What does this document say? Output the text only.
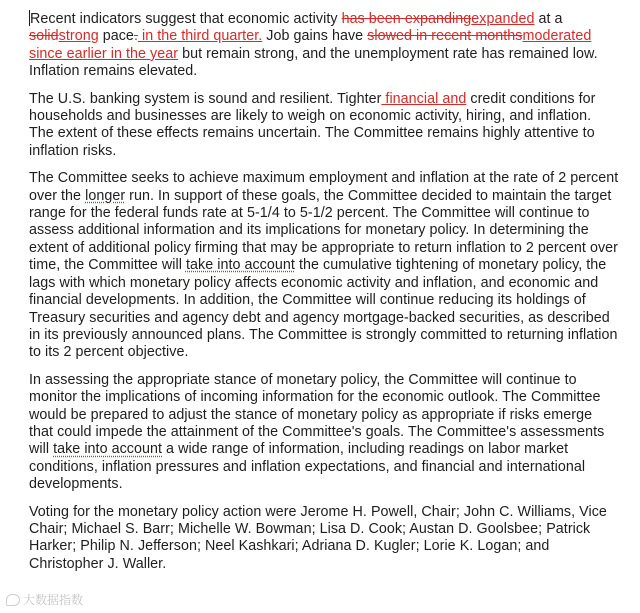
Recent indicators suggest that economic activity has been expandingexpanded at a solidstrong pace. in the third quarter. Job gains have slowed in recent monthsmoderated since earlier in the year but remain strong, and the unemployment rate has remained low. Inflation remains elevated.

The U.S. banking system is sound and resilient. Tighter financial and credit conditions for households and businesses are likely to weigh on economic activity, hiring, and inflation. The extent of these effects remains uncertain. The Committee remains highly attentive to inflation risks.

The Committee seeks to achieve maximum employment and inflation at the rate of 2 percent over the longer run. In support of these goals, the Committee decided to maintain the target range for the federal funds rate at 5-1/4 to 5-1/2 percent. The Committee will continue to assess additional information and its implications for monetary policy. In determining the extent of additional policy firming that may be appropriate to return inflation to 2 percent over time, the Committee will take into account the cumulative tightening of monetary policy, the lags with which monetary policy affects economic activity and inflation, and economic and financial developments. In addition, the Committee will continue reducing its holdings of Treasury securities and agency debt and agency mortgage-backed securities, as described in its previously announced plans. The Committee is strongly committed to returning inflation to its 2 percent objective.

In assessing the appropriate stance of monetary policy, the Committee will continue to monitor the implications of incoming information for the economic outlook. The Committee would be prepared to adjust the stance of monetary policy as appropriate if risks emerge that could impede the attainment of the Committee's goals. The Committee's assessments will take into account a wide range of information, including readings on labor market conditions, inflation pressures and inflation expectations, and financial and international developments.

Voting for the monetary policy action were Jerome H. Powell, Chair; John C. Williams, Vice Chair; Michael S. Barr; Michelle W. Bowman; Lisa D. Cook; Austan D. Goolsbee; Patrick Harker; Philip N. Jefferson; Neel Kashkari; Adriana D. Kugler; Lorie K. Logan; and Christopher J. Waller.

大数据指数
